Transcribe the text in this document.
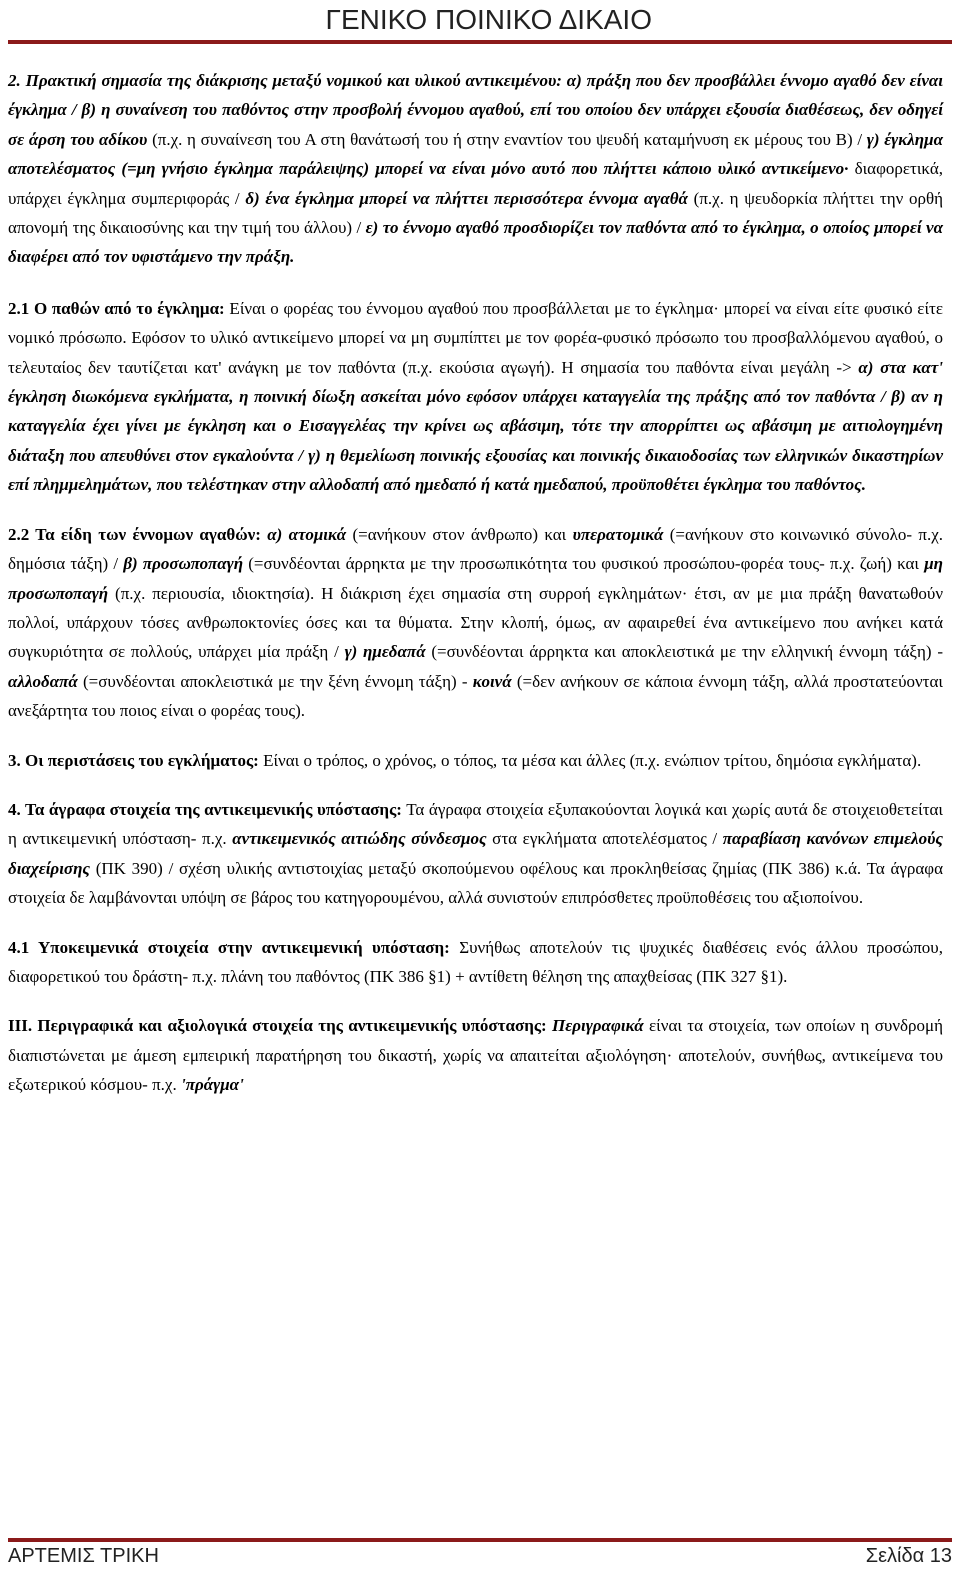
ΓΕΝΙΚΟ ΠΟΙΝΙΚΟ ΔΙΚΑΙΟ

2. Πρακτική σημασία της διάκρισης μεταξύ νομικού και υλικού αντικειμένου: α) πράξη που δεν προσβάλλει έννομο αγαθό δεν είναι έγκλημα / β) η συναίνεση του παθόντος στην προσβολή έννομου αγαθού, επί του οποίου δεν υπάρχει εξουσία διαθέσεως, δεν οδηγεί σε άρση του αδίκου (π.χ. η συναίνεση του Α στη θανάτωσή του ή στην εναντίον του ψευδή καταμήνυση εκ μέρους του Β) / γ) έγκλημα αποτελέσματος (=μη γνήσιο έγκλημα παράλειψης) μπορεί να είναι μόνο αυτό που πλήττει κάποιο υλικό αντικείμενο· διαφορετικά, υπάρχει έγκλημα συμπεριφοράς / δ) ένα έγκλημα μπορεί να πλήττει περισσότερα έννομα αγαθά (π.χ. η ψευδορκία πλήττει την ορθή απονομή της δικαιοσύνης και την τιμή του άλλου) / ε) το έννομο αγαθό προσδιορίζει τον παθόντα από το έγκλημα, ο οποίος μπορεί να διαφέρει από τον υφιστάμενο την πράξη.

2.1 Ο παθών από το έγκλημα: Είναι ο φορέας του έννομου αγαθού που προσβάλλεται με το έγκλημα· μπορεί να είναι είτε φυσικό είτε νομικό πρόσωπο. Εφόσον το υλικό αντικείμενο μπορεί να μη συμπίπτει με τον φορέα-φυσικό πρόσωπο του προσβαλλόμενου αγαθού, ο τελευταίος δεν ταυτίζεται κατ' ανάγκη με τον παθόντα (π.χ. εκούσια αγωγή). Η σημασία του παθόντα είναι μεγάλη -> α) στα κατ' έγκληση διωκόμενα εγκλήματα, η ποινική δίωξη ασκείται μόνο εφόσον υπάρχει καταγγελία της πράξης από τον παθόντα / β) αν η καταγγελία έχει γίνει με έγκληση και ο Εισαγγελέας την κρίνει ως αβάσιμη, τότε την απορρίπτει ως αβάσιμη με αιτιολογημένη διάταξη που απευθύνει στον εγκαλούντα / γ) η θεμελίωση ποινικής εξουσίας και ποινικής δικαιοδοσίας των ελληνικών δικαστηρίων επί πλημμελημάτων, που τελέστηκαν στην αλλοδαπή από ημεδαπό ή κατά ημεδαπού, προϋποθέτει έγκλημα του παθόντος.

2.2 Τα είδη των έννομων αγαθών: α) ατομικά (=ανήκουν στον άνθρωπο) και υπερατομικά (=ανήκουν στο κοινωνικό σύνολο- π.χ. δημόσια τάξη) / β) προσωποπαγή (=συνδέονται άρρηκτα με την προσωπικότητα του φυσικού προσώπου-φορέα τους- π.χ. ζωή) και μη προσωποπαγή (π.χ. περιουσία, ιδιοκτησία). Η διάκριση έχει σημασία στη συρροή εγκλημάτων· έτσι, αν με μια πράξη θανατωθούν πολλοί, υπάρχουν τόσες ανθρωποκτονίες όσες και τα θύματα. Στην κλοπή, όμως, αν αφαιρεθεί ένα αντικείμενο που ανήκει κατά συγκυριότητα σε πολλούς, υπάρχει μία πράξη / γ) ημεδαπά (=συνδέονται άρρηκτα και αποκλειστικά με την ελληνική έννομη τάξη) - αλλοδαπά (=συνδέονται αποκλειστικά με την ξένη έννομη τάξη) - κοινά (=δεν ανήκουν σε κάποια έννομη τάξη, αλλά προστατεύονται ανεξάρτητα του ποιος είναι ο φορέας τους).

3. Οι περιστάσεις του εγκλήματος: Είναι ο τρόπος, ο χρόνος, ο τόπος, τα μέσα και άλλες (π.χ. ενώπιον τρίτου, δημόσια εγκλήματα).

4. Τα άγραφα στοιχεία της αντικειμενικής υπόστασης: Τα άγραφα στοιχεία εξυπακούονται λογικά και χωρίς αυτά δε στοιχειοθετείται η αντικειμενική υπόσταση- π.χ. αντικειμενικός αιτιώδης σύνδεσμος στα εγκλήματα αποτελέσματος / παραβίαση κανόνων επιμελούς διαχείρισης (ΠΚ 390) / σχέση υλικής αντιστοιχίας μεταξύ σκοπούμενου οφέλους και προκληθείσας ζημίας (ΠΚ 386) κ.ά. Τα άγραφα στοιχεία δε λαμβάνονται υπόψη σε βάρος του κατηγορουμένου, αλλά συνιστούν επιπρόσθετες προϋποθέσεις του αξιοποίνου.

4.1 Υποκειμενικά στοιχεία στην αντικειμενική υπόσταση: Συνήθως αποτελούν τις ψυχικές διαθέσεις ενός άλλου προσώπου, διαφορετικού του δράστη- π.χ. πλάνη του παθόντος (ΠΚ 386 §1) + αντίθετη θέληση της απαχθείσας (ΠΚ 327 §1).

ΙΙΙ. Περιγραφικά και αξιολογικά στοιχεία της αντικειμενικής υπόστασης: Περιγραφικά είναι τα στοιχεία, των οποίων η συνδρομή διαπιστώνεται με άμεση εμπειρική παρατήρηση του δικαστή, χωρίς να απαιτείται αξιολόγηση· αποτελούν, συνήθως, αντικείμενα του εξωτερικού κόσμου- π.χ. 'πράγμα'

ΑΡΤΕΜΙΣ ΤΡΙΚΗ	Σελίδα 13
